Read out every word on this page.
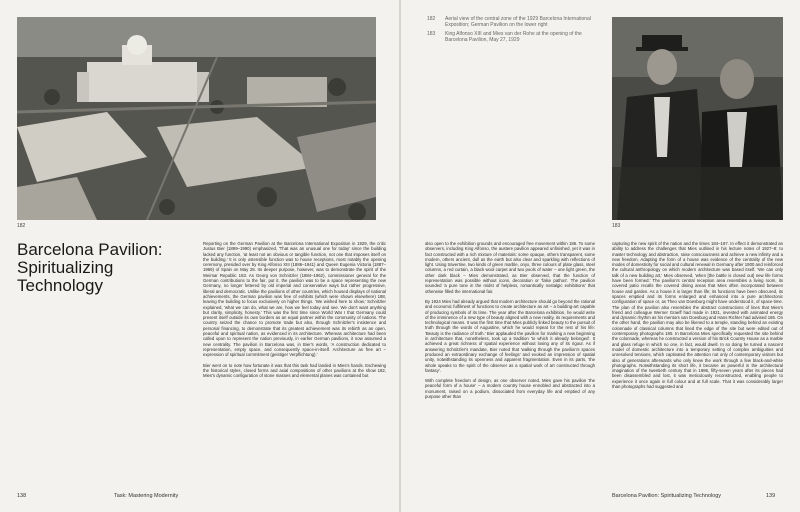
182
Barcelona Pavilion: Spiritualizing Technology

Reporting on the German Pavilion at the Barcelona International Exposition in 1929, the critic Justus Bier (1899–1990) emphasized, 'That was an unusual one for today' since the building lacked any function, 'at least not an obvious or tangible function, not one that imposes itself on the building.' It is only ostensible function was to house receptions, most notably the opening ceremony, presided over by King Alfonso XIII (1886–1941) and Queen Eugenia Victoria (1887–1969) of Spain on May 28. Its deeper purpose, however, was to demonstrate the spirit of the Weimar Republic 183. As Georg von Schnitzler (1884–1962), commissioner general for the German contributions to the fair, put it, the pavilion was to be a space representing the new Germany, no longer fettered by old imperial and conservative ways but rather progressive, liberal and democratic. Unlike the pavilions of other countries, which housed displays of national achievements, the German pavilion was free of exhibits (which were shown elsewhere) 188, leaving the building to focus exclusively on higher things. 'We wished here to show,' Schnitzler explained, 'what we can do, what we are, how we feel today and see. We don't want anything but clarity, simplicity, honesty.' This was the first time since World War I that Germany could present itself outside its own borders as an equal partner within the community of nations. The country seized the chance to promote trade but also, through Schnitzler's insistence and personal financing, to demonstrate that its greatest achievement was its rebirth as an open, peaceful and spiritual nation, as evidenced in its architecture. Whereas architecture had been called upon to represent the nation previously, in earlier German pavilions, it now assumed a new centrality. The pavilion in Barcelona was, in Bier's words, 'A construction dedicated to representation, empty space, and consequently space-in-itself. Architecture as free art – expression of spiritual commitment (geistiger Verpflichtung).'

Bier went on to note how fortunate it was that this task had landed in Mies's hands. Eschewing the historical styles, closed forms and axial compositions of other pavilions at the show 182, Mies's dynamic configuration of stone masses and elemental planes was contained but

also open to the exhibition grounds and encouraged free movement within 186. To some observers, including King Alfonso, the austere pavilion appeared unfinished, yet it was in fact constructed with a rich mixture of materials: some opaque, others transparent, some modern, others ancient, dull as the earth but also clear and sparkling with reflections of light. Using travertine, two kinds of green marble, onyx, three colours of plate glass, steel columns, a red curtain, a black wool carpet and two pools of water – one light green, the other dark black – Mies demonstrated, as Bier observed, that the function of representation was possible without icons, decoration or 'false pathos'. The pavilion sounded 'a pure tone in the midst of helpless, romantically nostalgic exhibitions' that otherwise filled the international fair.

By 1924 Mies had already argued that modern architecture should go beyond the rational and economic fulfilment of functions to create architecture as art – a building-art capable of producing symbols of its time. The year after the Barcelona exhibition, he would write of the imminence of a new type of beauty aligned with a new reality, its requirements and technological means. It was the first time that Mies publicly linked beauty to the pursuit of truth through the words of Augustine, which he would repeat for the rest of his life: 'Beauty is the radiance of truth.' Bier applauded the pavilion for marking a new beginning in architecture that, nonetheless, took up a tradition 'to which it already belonged'. It achieved a great richness of spatial experience without losing any of its rigour. As if answering Schnitzler's mandate, Bier noted that 'walking through the pavilion's spaces produced an extraordinary exchange of feelings' and evoked an impression of spatial unity, notwithstanding its openness and apparent fragmentation. Even in its parts, 'the whole speaks to the spirit of the observer as a spatial work of art constructed through fantasy'.

With complete freedom of design, as one observer noted, Mies gave his pavilion 'the peaceful form of a house' – a modern country house ennobled and abstracted into a monument, raised on a podium, dissociated from everyday life and emptied of any purpose other than

182	Aerial view of the central zone of the 1929 Barcelona International Exposition; German Pavilion on the lower right
183	King Alfonso XIII and Mies van der Rohe at the opening of the Barcelona Pavilion, May 27, 1929
183

capturing the new spirit of the nation and the times 184–187. In effect it demonstrated an ability to address the challenges that Mies outlined in his lecture notes of 1927–8: to master technology and abstraction, raise consciousness and achieve a new infinity and a new freedom. Adapting the form of a house was evidence of the centrality of the new modes of domesticity for social and cultural renewal in Germany after 1900 and reinforced the cultural anthropology on which modern architecture was based itself. 'We can only talk of a new building art,' Mies observed, 'when [the battle is closed out] new life forms have been formed.' The pavilion's central reception area resembles a living room, its covered patio recalls the covered dining areas that Mies often incorporated between house and garden. As a house it is larger than life; its functions have been obscured, its spaces emptied and its forms enlarged and enhanced into a pure architectonic configuration of space or, as Theo van Doesburg might have understood it, of space-time. The plan of the pavilion also resembles the abstract constructions of lines that Mies's friend and colleague Werner Graeff had made in 1921, invested with animated energy and dynamic rhythm as his mentors van Doesburg and Hans Richter had advised 186. On the other hand, the pavilion may also be likened to a temple, standing behind an existing colonnade of classical columns that lined the edge of the site but were edited out of contemporary photographs 185. In Barcelona Mies specifically requested the site behind the colonnade, whereas he constructed a version of his Brick Country House as a marble and glass refuge in which no one, in fact, would dwell. In so doing he turned a nascent model of domestic architecture into a temporary setting of complex ambiguities and unresolved tensions, which captivated the attention not only of contemporary visitors but also of generations afterwards who only knew the work through a few black-and-white photographs. Notwithstanding its short life, it became as powerful in the architectural imagination of the twentieth century that in 1986, fifty-seven years after its pieces had been disassembled and lost, it was meticulously reconstructed, enabling people to experience it once again in full colour and at full scale. That it was considerably larger than photographs had suggested and

138	Task: Mastering Modernity	Barcelona Pavilion: Spiritualizing Technology	139
